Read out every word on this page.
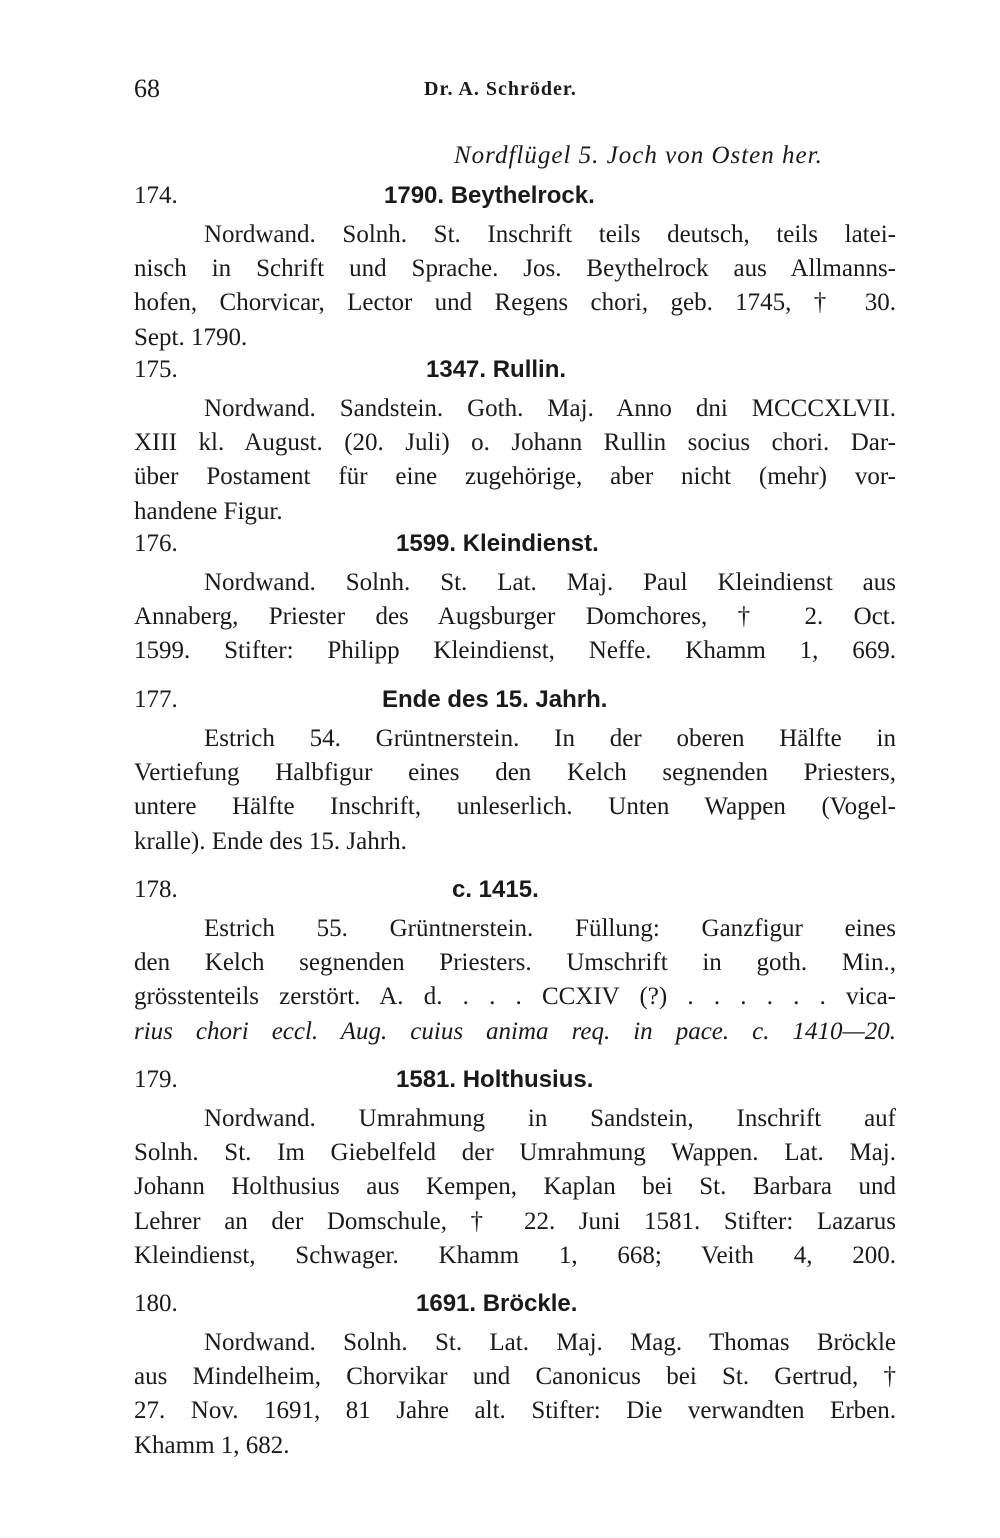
68	Dr. A. Schröder.
Nordflügel 5. Joch von Osten her.
174.	1790. Beythelrock.
Nordwand. Solnh. St. Inschrift teils deutsch, teils latei-
nisch in Schrift und Sprache. Jos. Beythelrock aus Allmanns-
hofen, Chorvicar, Lector und Regens chori, geb. 1745, † 30.
Sept. 1790.
175.	1347. Rullin.
Nordwand. Sandstein. Goth. Maj. Anno dni MCCCXLVII.
XIII kl. August. (20. Juli) o. Johann Rullin socius chori. Dar-
über Postament für eine zugehörige, aber nicht (mehr) vor-
handene Figur.
176.	1599. Kleindienst.
Nordwand. Solnh. St. Lat. Maj. Paul Kleindienst aus
Annaberg, Priester des Augsburger Domchores, † 2. Oct.
1599. Stifter: Philipp Kleindienst, Neffe. Khamm 1, 669.
177.	Ende des 15. Jahrh.
Estrich 54. Grüntnerstein. In der oberen Hälfte in
Vertiefung Halbfigur eines den Kelch segnenden Priesters,
untere Hälfte Inschrift, unleserlich. Unten Wappen (Vogel-
kralle). Ende des 15. Jahrh.
178.	c. 1415.
Estrich 55. Grüntnerstein. Füllung: Ganzfigur eines
den Kelch segnenden Priesters. Umschrift in goth. Min.,
grösstenteils zerstört. A. d. . . . CCXIV (?) . . . . . . vica-
rius chori eccl. Aug. cuius anima req. in pace. c. 1410—20.
179.	1581. Holthusius.
Nordwand. Umrahmung in Sandstein, Inschrift auf
Solnh. St. Im Giebelfeld der Umrahmung Wappen. Lat. Maj.
Johann Holthusius aus Kempen, Kaplan bei St. Barbara und
Lehrer an der Domschule, † 22. Juni 1581. Stifter: Lazarus
Kleindienst, Schwager. Khamm 1, 668; Veith 4, 200.
180.	1691. Bröckle.
Nordwand. Solnh. St. Lat. Maj. Mag. Thomas Bröckle
aus Mindelheim, Chorvikar und Canonicus bei St. Gertrud, †
27. Nov. 1691, 81 Jahre alt. Stifter: Die verwandten Erben.
Khamm 1, 682.
